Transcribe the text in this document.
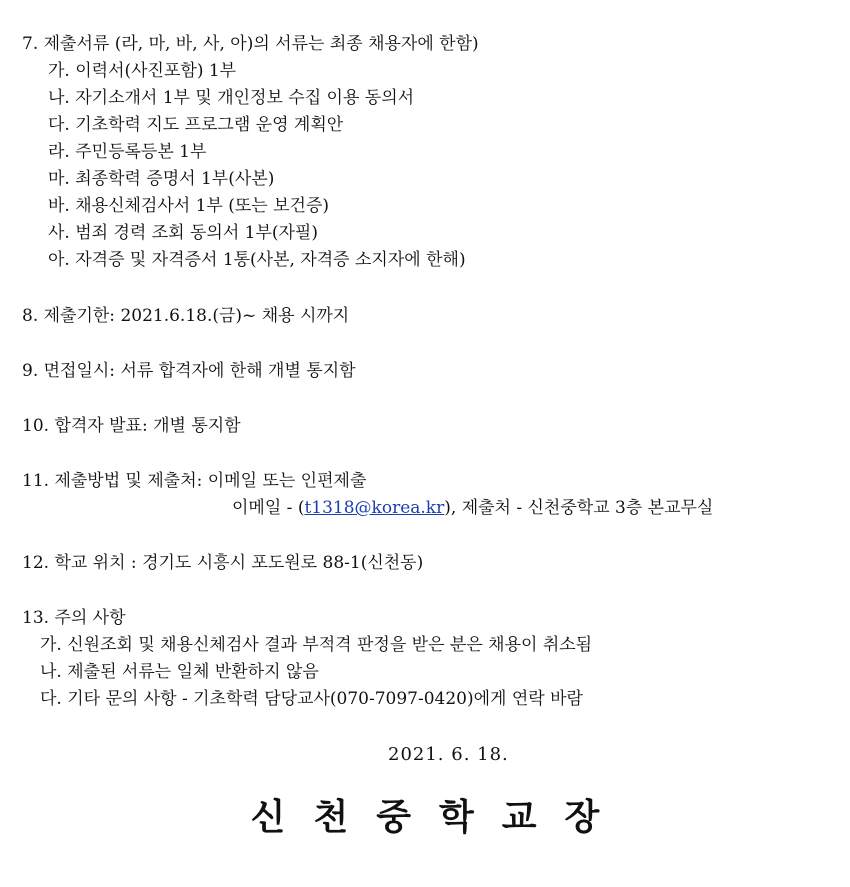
7. 제출서류 (라, 마, 바, 사, 아)의 서류는 최종 채용자에 한함)
가. 이력서(사진포함) 1부
나. 자기소개서 1부 및 개인정보 수집 이용 동의서
다. 기초학력 지도 프로그램 운영 계획안
라. 주민등록등본 1부
마. 최종학력 증명서 1부(사본)
바. 채용신체검사서 1부 (또는 보건증)
사. 범죄 경력 조회 동의서 1부(자필)
아. 자격증 및 자격증서 1통(사본, 자격증 소지자에 한해)
8. 제출기한: 2021.6.18.(금)~ 채용 시까지
9. 면접일시: 서류 합격자에 한해 개별 통지함
10. 합격자 발표: 개별 통지함
11. 제출방법 및 제출처: 이메일 또는 인편제출
이메일 - (t1318@korea.kr), 제출처 - 신천중학교 3층 본교무실
12. 학교 위치 : 경기도 시흥시 포도원로 88-1(신천동)
13. 주의 사항
가. 신원조회 및 채용신체검사 결과 부적격 판정을 받은 분은 채용이 취소됨
나. 제출된 서류는 일체 반환하지 않음
다. 기타 문의 사항 - 기초학력 담당교사(070-7097-0420)에게 연락 바람
2021. 6. 18.
신천중학교장
